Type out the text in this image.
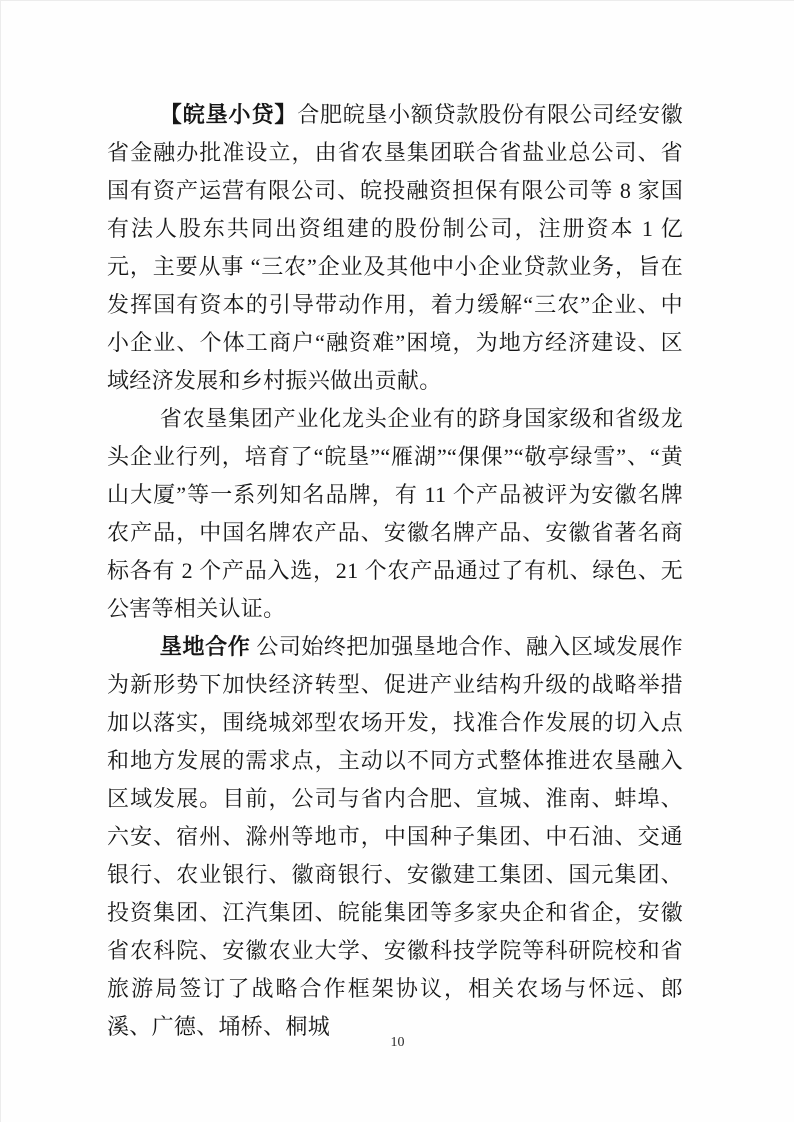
【皖垦小贷】合肥皖垦小额贷款股份有限公司经安徽省金融办批准设立，由省农垦集团联合省盐业总公司、省国有资产运营有限公司、皖投融资担保有限公司等 8 家国有法人股东共同出资组建的股份制公司，注册资本 1 亿元，主要从事 “三农”企业及其他中小企业贷款业务，旨在发挥国有资本的引导带动作用，着力缓解“三农”企业、中小企业、个体工商户“融资难”困境，为地方经济建设、区域经济发展和乡村振兴做出贡献。

省农垦集团产业化龙头企业有的跻身国家级和省级龙头企业行列，培育了“皖垦”“雁湖”“倮倮”“敬亭绿雪”、“黄山大厦”等一系列知名品牌，有 11 个产品被评为安徽名牌农产品，中国名牌农产品、安徽名牌产品、安徽省著名商标各有 2 个产品入选，21 个农产品通过了有机、绿色、无公害等相关认证。

垦地合作 公司始终把加强垦地合作、融入区域发展作为新形势下加快经济转型、促进产业结构升级的战略举措加以落实，围绕城郊型农场开发，找准合作发展的切入点和地方发展的需求点，主动以不同方式整体推进农垦融入区域发展。目前，公司与省内合肥、宣城、淮南、蚌埠、六安、宿州、滁州等地市，中国种子集团、中石油、交通银行、农业银行、徽商银行、安徽建工集团、国元集团、投资集团、江汽集团、皖能集团等多家央企和省企，安徽省农科院、安徽农业大学、安徽科技学院等科研院校和省旅游局签订了战略合作框架协议，相关农场与怀远、郎溪、广德、埇桥、桐城

10
